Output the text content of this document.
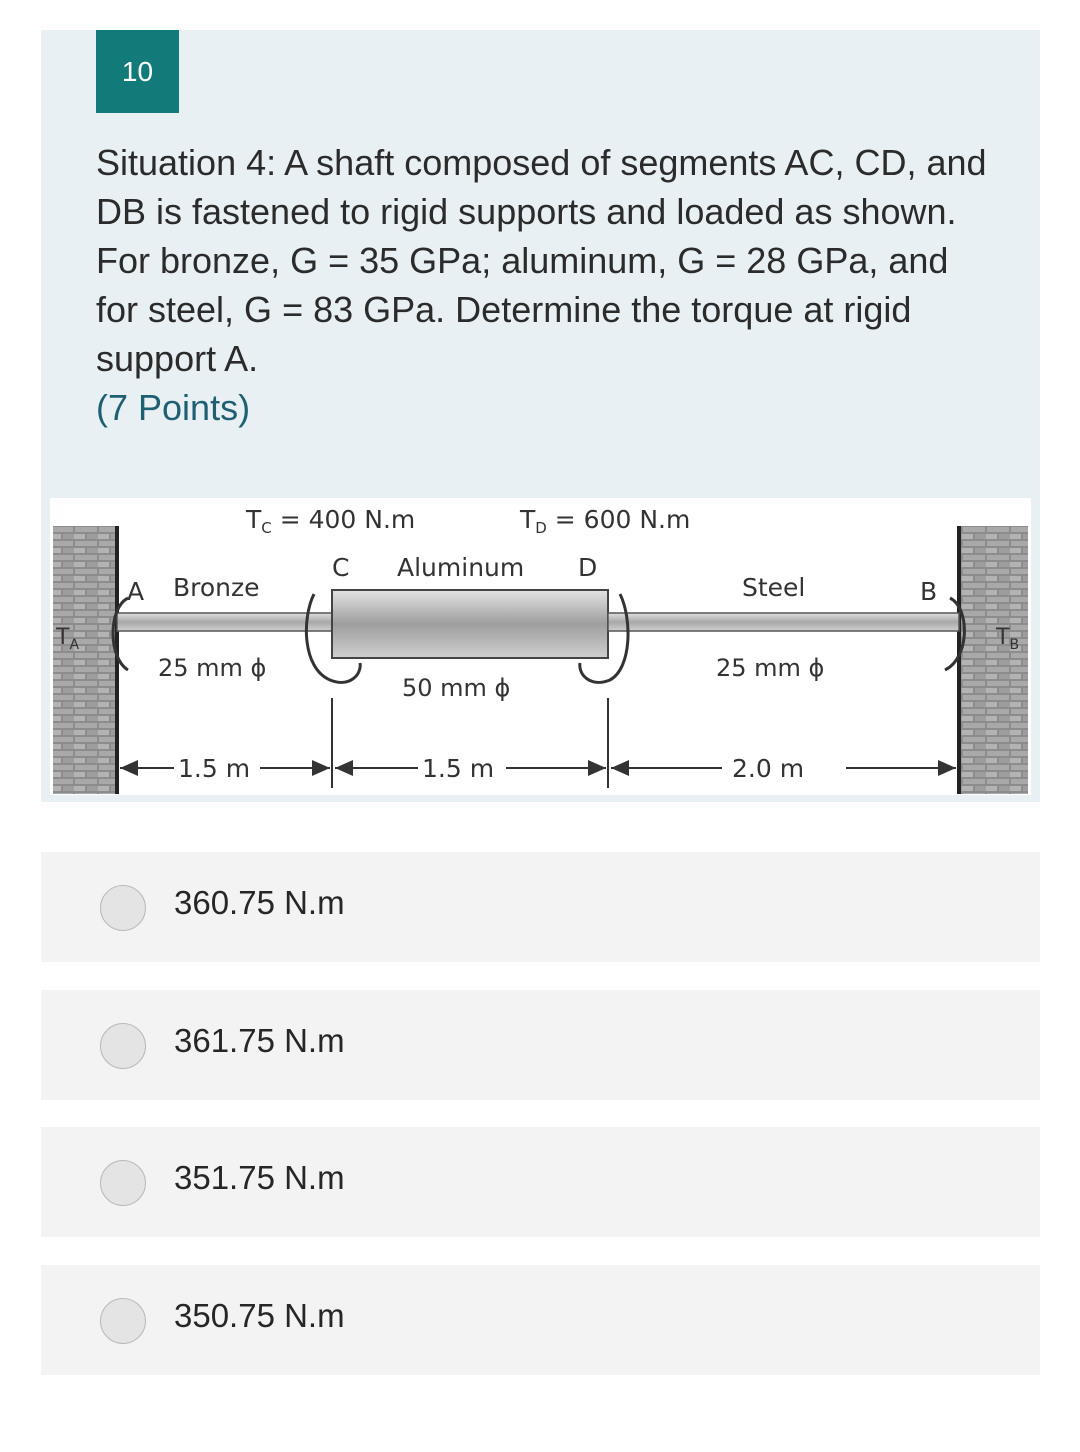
10

Situation 4: A shaft composed of segments AC, CD, and DB is fastened to rigid supports and loaded as shown. For bronze, G = 35 GPa; aluminum, G = 28 GPa, and for steel, G = 83 GPa. Determine the torque at rigid support A.

(7 Points)
$T_C = 400$ N.m	$T_D = 600$ N.m
C Aluminum D
A Bronze	Steel	B
$T_A$	$T_B$
25 mm ϕ
50 mm ϕ
25 mm ϕ
1.5 m	1.5 m	2.0 m
360.75 N.m
361.75 N.m
351.75 N.m
350.75 N.m
